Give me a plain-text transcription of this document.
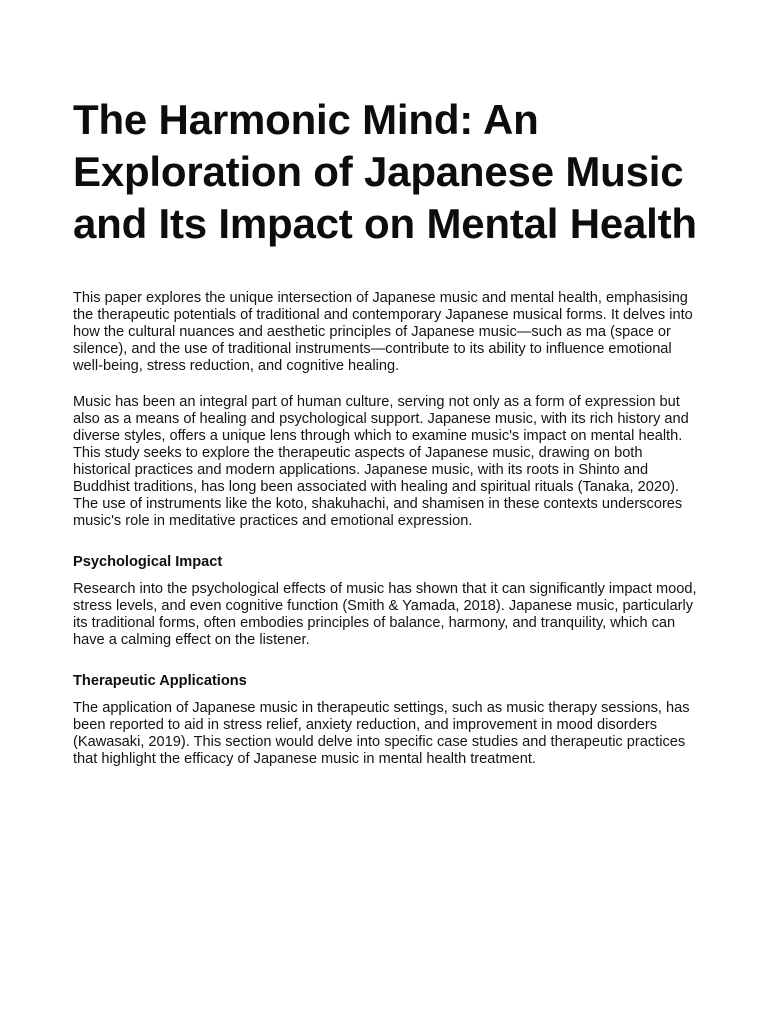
The Harmonic Mind: An Exploration of Japanese Music and Its Impact on Mental Health

This paper explores the unique intersection of Japanese music and mental health, emphasising the therapeutic potentials of traditional and contemporary Japanese musical forms. It delves into how the cultural nuances and aesthetic principles of Japanese music—such as ma (space or silence), and the use of traditional instruments—contribute to its ability to influence emotional well-being, stress reduction, and cognitive healing.

Music has been an integral part of human culture, serving not only as a form of expression but also as a means of healing and psychological support. Japanese music, with its rich history and diverse styles, offers a unique lens through which to examine music's impact on mental health. This study seeks to explore the therapeutic aspects of Japanese music, drawing on both historical practices and modern applications. Japanese music, with its roots in Shinto and Buddhist traditions, has long been associated with healing and spiritual rituals (Tanaka, 2020). The use of instruments like the koto, shakuhachi, and shamisen in these contexts underscores music's role in meditative practices and emotional expression.

Psychological Impact

Research into the psychological effects of music has shown that it can significantly impact mood, stress levels, and even cognitive function (Smith & Yamada, 2018). Japanese music, particularly its traditional forms, often embodies principles of balance, harmony, and tranquility, which can have a calming effect on the listener.

Therapeutic Applications

The application of Japanese music in therapeutic settings, such as music therapy sessions, has been reported to aid in stress relief, anxiety reduction, and improvement in mood disorders (Kawasaki, 2019). This section would delve into specific case studies and therapeutic practices that highlight the efficacy of Japanese music in mental health treatment.
